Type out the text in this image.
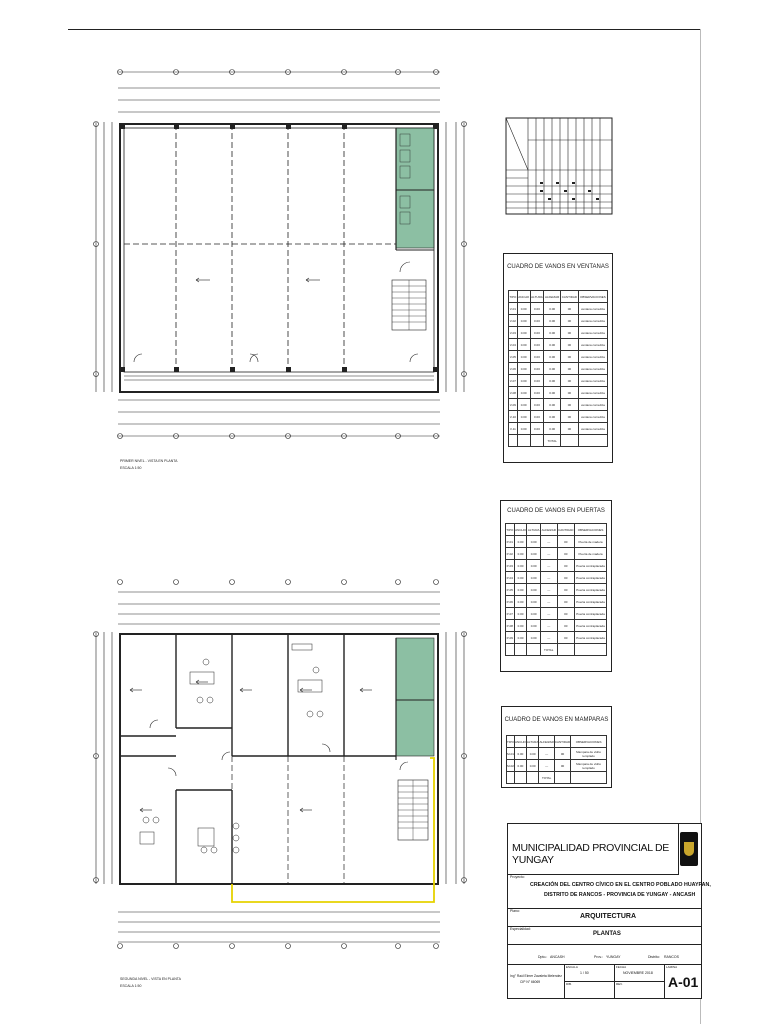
PRIMER NIVEL - VISTA EN PLANTA
ESCALA 1:50
SEGUNDA NIVEL - VISTA EN PLANTA
ESCALA 1:50
CUADRO DE VANOS EN VENTANAS
TIPO	ANCHO	ALTURA	ALFEIZAR	CANTIDAD	OBSERVACIONES
V-01	0.00	0.00	0.00	00	ventana corrediza
V-02	0.00	0.00	0.00	00	ventana corrediza
V-03	0.00	0.00	0.00	00	ventana corrediza
V-04	0.00	0.00	0.00	00	ventana corrediza
V-05	0.00	0.00	0.00	00	ventana corrediza
V-06	0.00	0.00	0.00	00	ventana corrediza
V-07	0.00	0.00	0.00	00	ventana corrediza
V-08	0.00	0.00	0.00	00	ventana corrediza
V-09	0.00	0.00	0.00	00	ventana corrediza
V-10	0.00	0.00	0.00	00	ventana corrediza
V-11	0.00	0.00	0.00	00	ventana corrediza
			TOTAL		
CUADRO DE VANOS EN PUERTAS
TIPO	ANCHO	ALTURA	ALFEIZAR	CANTIDAD	OBSERVACIONES
P-01	0.00	0.00	—	00	Puerta de madera
P-02	0.00	0.00	—	00	Puerta de madera
P-03	0.00	0.00	—	00	Puerta contraplacada
P-04	0.00	0.00	—	00	Puerta contraplacada
P-05	0.00	0.00	—	00	Puerta contraplacada
P-06	0.00	0.00	—	00	Puerta contraplacada
P-07	0.00	0.00	—	00	Puerta contraplacada
P-08	0.00	0.00	—	00	Puerta contraplacada
P-09	0.00	0.00	—	00	Puerta contraplacada
			TOTAL		
CUADRO DE VANOS EN MAMPARAS
TIPO	ANCHO	ALTURA	ALFEIZAR	CANTIDAD	OBSERVACIONES
M-01	0.00	0.00	—	00	Mampara de vidrio templado
M-02	0.00	0.00	—	00	Mampara de vidrio templado
			TOTAL		
MUNICIPALIDAD PROVINCIAL DE YUNGAY
Proyecto:
CREACIÓN DEL CENTRO CÍVICO EN EL CENTRO POBLADO HUAYPAN,
DISTRITO DE RANCOS - PROVINCIA DE YUNGAY - ANCASH
Plano:
ARQUITECTURA
Especialidad:
PLANTAS
Dpto.: ANCASH	Prov.: YUNGAY	Distrito: RANCOS
Ing° Raúl Elmer Zavaleta Melendez
CIP N° 66069
ESCALA
1 / 50
FECHA
NOVIEMBRE 2018
DIB.	REV.
LAMINA
A-01
